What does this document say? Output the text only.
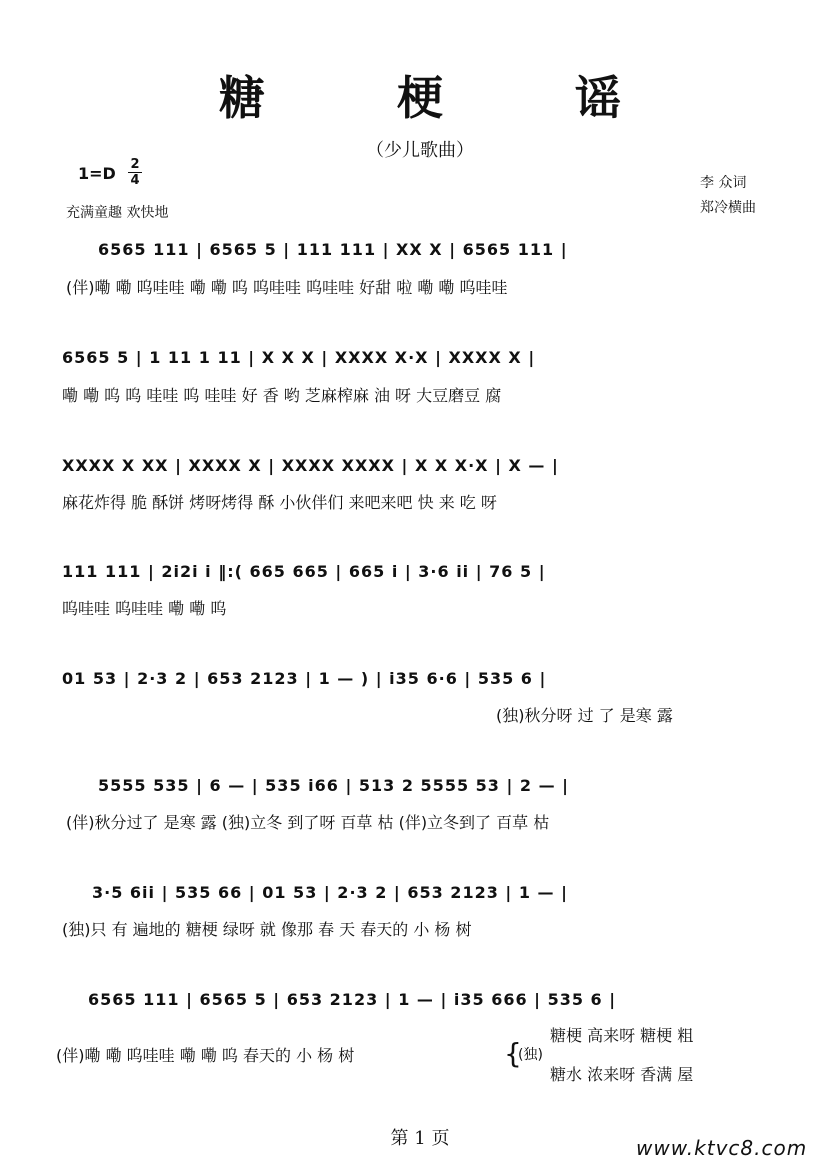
糖 梗 谣
（少儿歌曲）
1=D 2
4
充满童趣 欢快地
李 众词
郑冷横曲
6565 111 | 6565 5 | 111 111 | XX X | 6565 111 |
(伴)嘞 嘞 呜哇哇 嘞 嘞 呜 呜哇哇 呜哇哇 好甜 啦 嘞 嘞 呜哇哇
6565 5 | 1 11 1 11 | X X X | XXXX X·X | XXXX X |
嘞 嘞 呜 呜 哇哇 呜 哇哇 好 香 哟 芝麻榨麻 油 呀 大豆磨豆 腐
XXXX X XX | XXXX X | XXXX XXXX | X X X·X | X — |
麻花炸得 脆 酥饼 烤呀烤得 酥 小伙伴们 来吧来吧 快 来 吃 呀
111 111 | 2i2i i ‖:( 665 665 | 665 i | 3·6 ii | 76 5 |
呜哇哇 呜哇哇 嘞 嘞 呜
01 53 | 2·3 2 | 653 2123 | 1 — ) | i35 6·6 | 535 6 |
(独)秋分呀 过 了 是寒 露
5555 535 | 6 — | 535 i66 | 513 2 5555 53 | 2 — |
(伴)秋分过了 是寒 露 (独)立冬 到了呀 百草 枯 (伴)立冬到了 百草 枯
3·5 6ii | 535 66 | 01 53 | 2·3 2 | 653 2123 | 1 — |
(独)只 有 遍地的 糖梗 绿呀 就 像那 春 天 春天的 小 杨 树
6565 111 | 6565 5 | 653 2123 | 1 — | i35 666 | 535 6 |
(伴)嘞 嘞 呜哇哇 嘞 嘞 呜 春天的 小 杨 树	{
(独)
糖梗 高来呀 糖梗 粗
糖水 浓来呀 香满 屋
第 1 页	www.ktvc8.com
